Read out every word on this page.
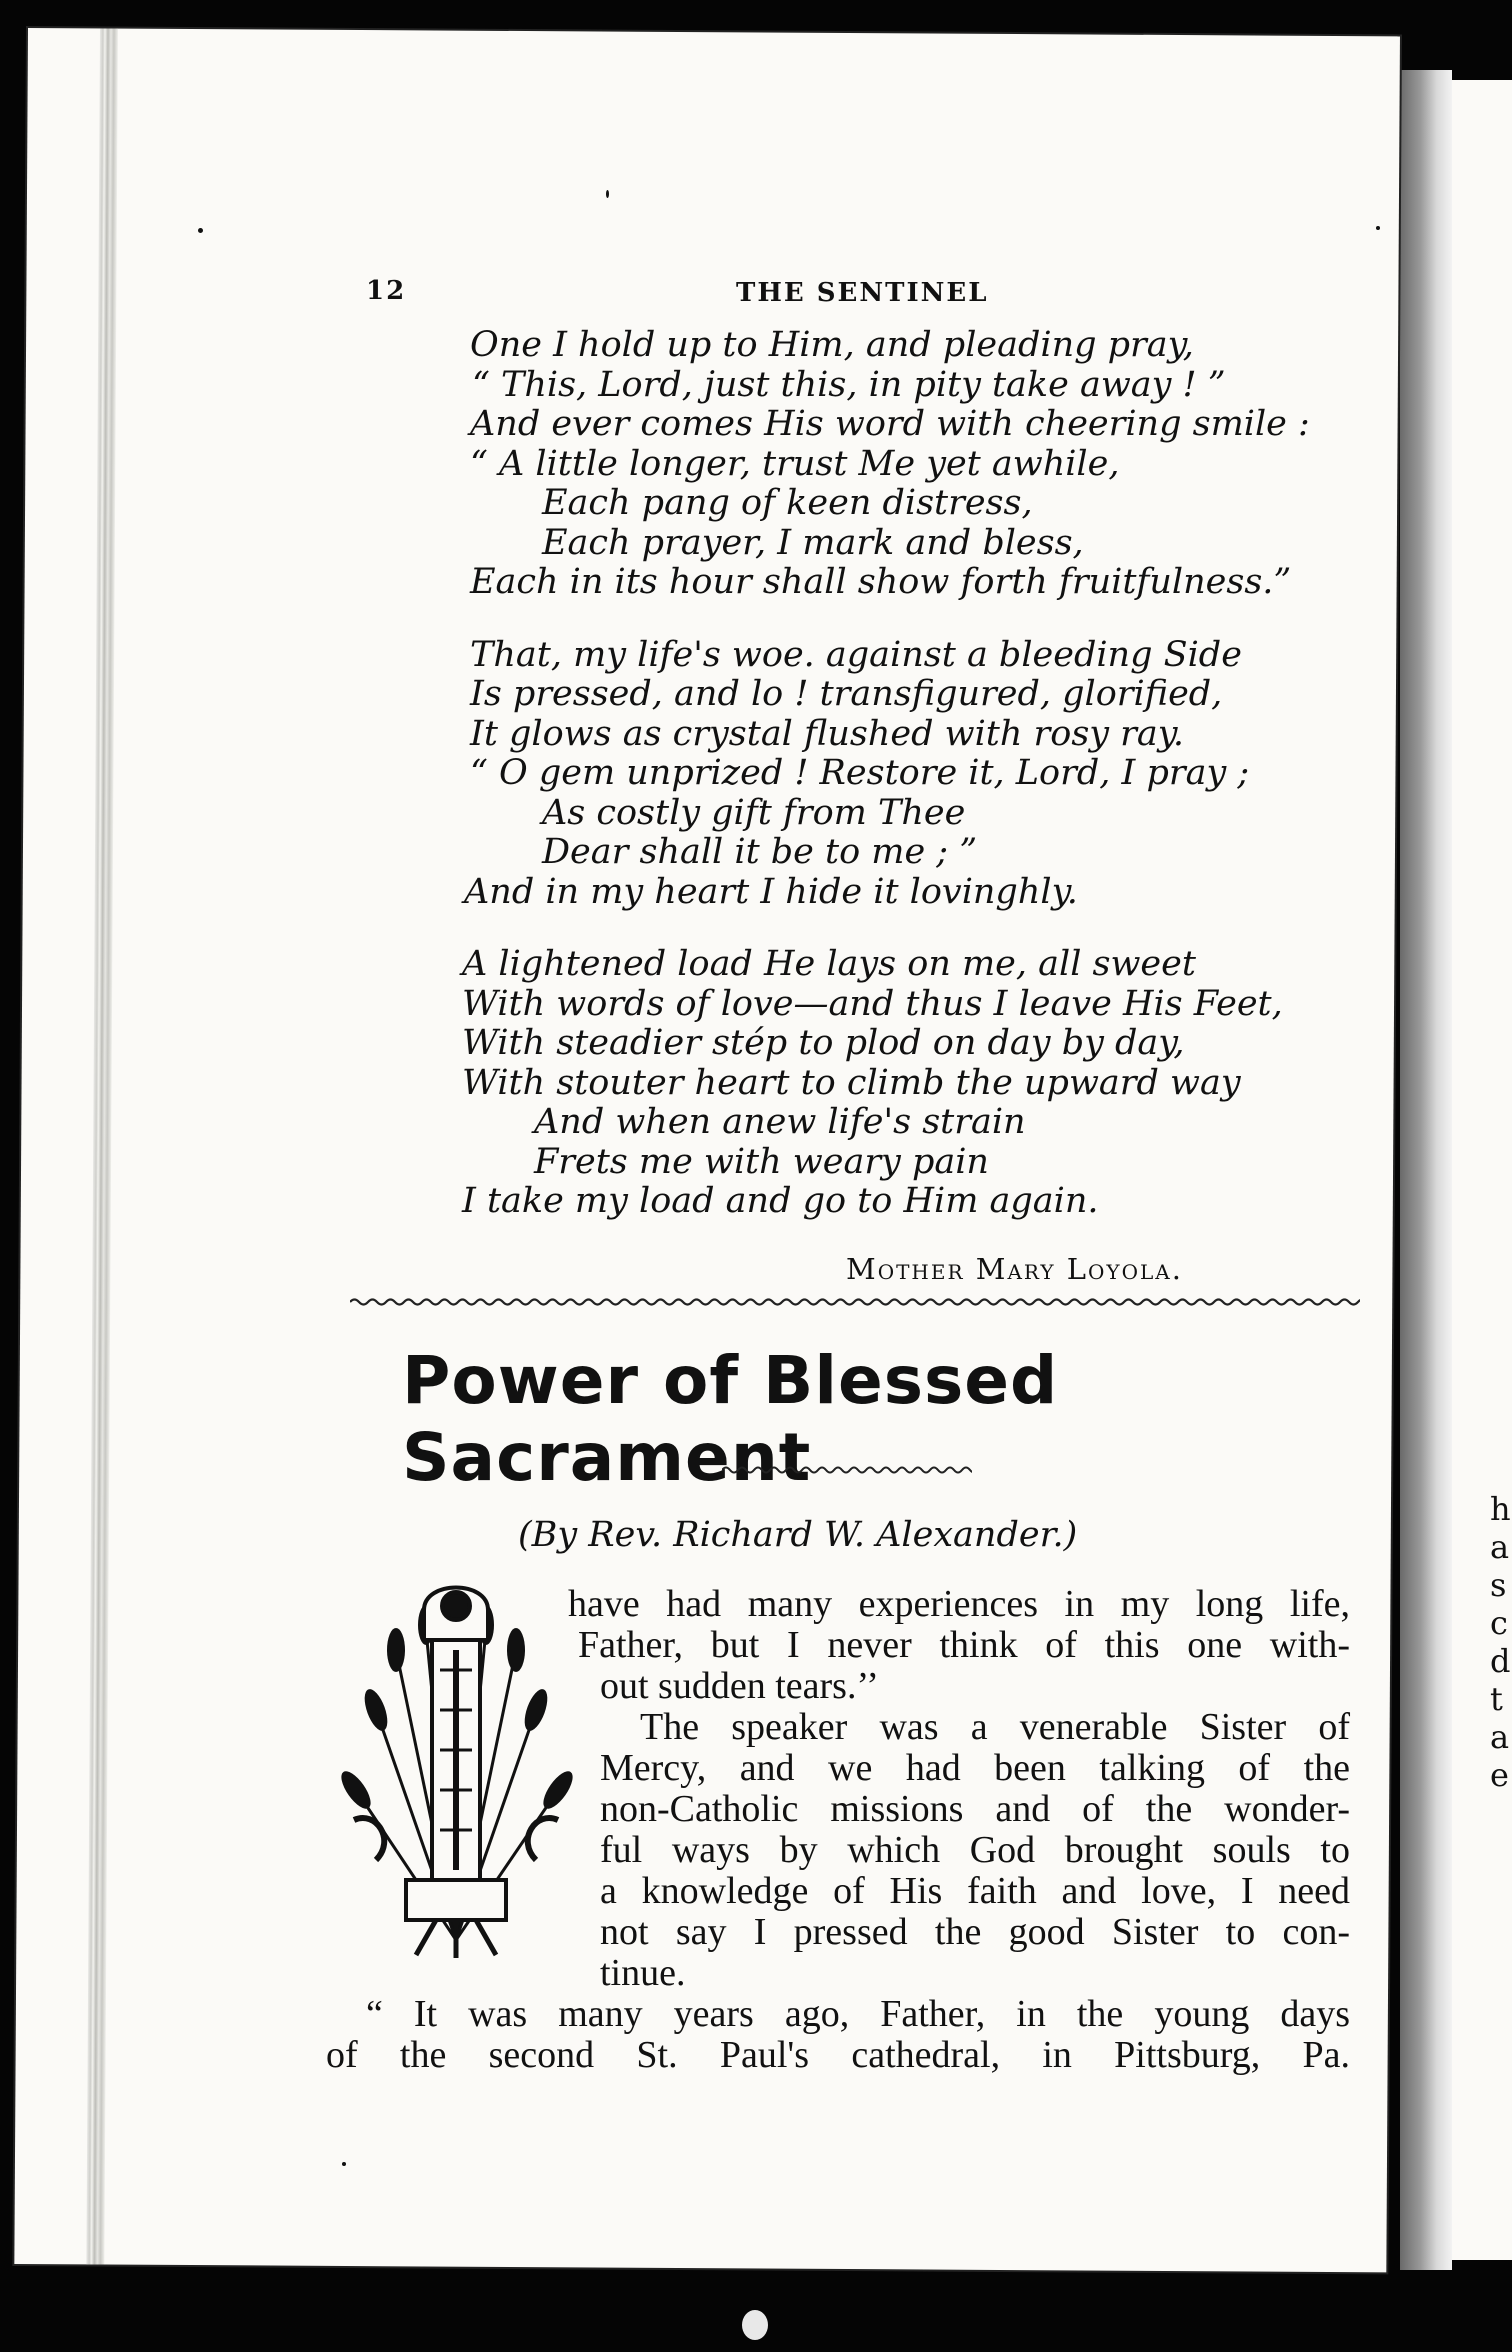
h
a
s
c
d
t
a
e
12	THE SENTINEL
One I hold up to Him, and pleading pray,
“ This, Lord, just this, in pity take away ! ”
And ever comes His word with cheering smile :
“ A little longer, trust Me yet awhile,
Each pang of keen distress,
Each prayer, I mark and bless,
Each in its hour shall show forth fruitfulness.”
That, my life's woe. against a bleeding Side
Is pressed, and lo ! transfigured, glorified,
It glows as crystal flushed with rosy ray.
“ O gem unprized ! Restore it, Lord, I pray ;
As costly gift from Thee
Dear shall it be to me ; ”
And in my heart I hide it lovinghly.
A lightened load He lays on me, all sweet
With words of love—and thus I leave His Feet,
With steadier stép to plod on day by day,
With stouter heart to climb the upward way
And when anew life's strain
Frets me with weary pain
I take my load and go to Him again.
Mother Mary Loyola.
Power of Blessed Sacrament
(By Rev. Richard W. Alexander.)
have had many experiences in my long life,
Father, but I never think of this one with-
out sudden tears.’’
The speaker was a venerable Sister of
Mercy, and we had been talking of the
non-Catholic missions and of the wonder-
ful ways by which God brought souls to
a knowledge of His faith and love, I need
not say I pressed the good Sister to con-
tinue.
“ It was many years ago, Father, in the young days
of the second St. Paul's cathedral, in Pittsburg, Pa.
